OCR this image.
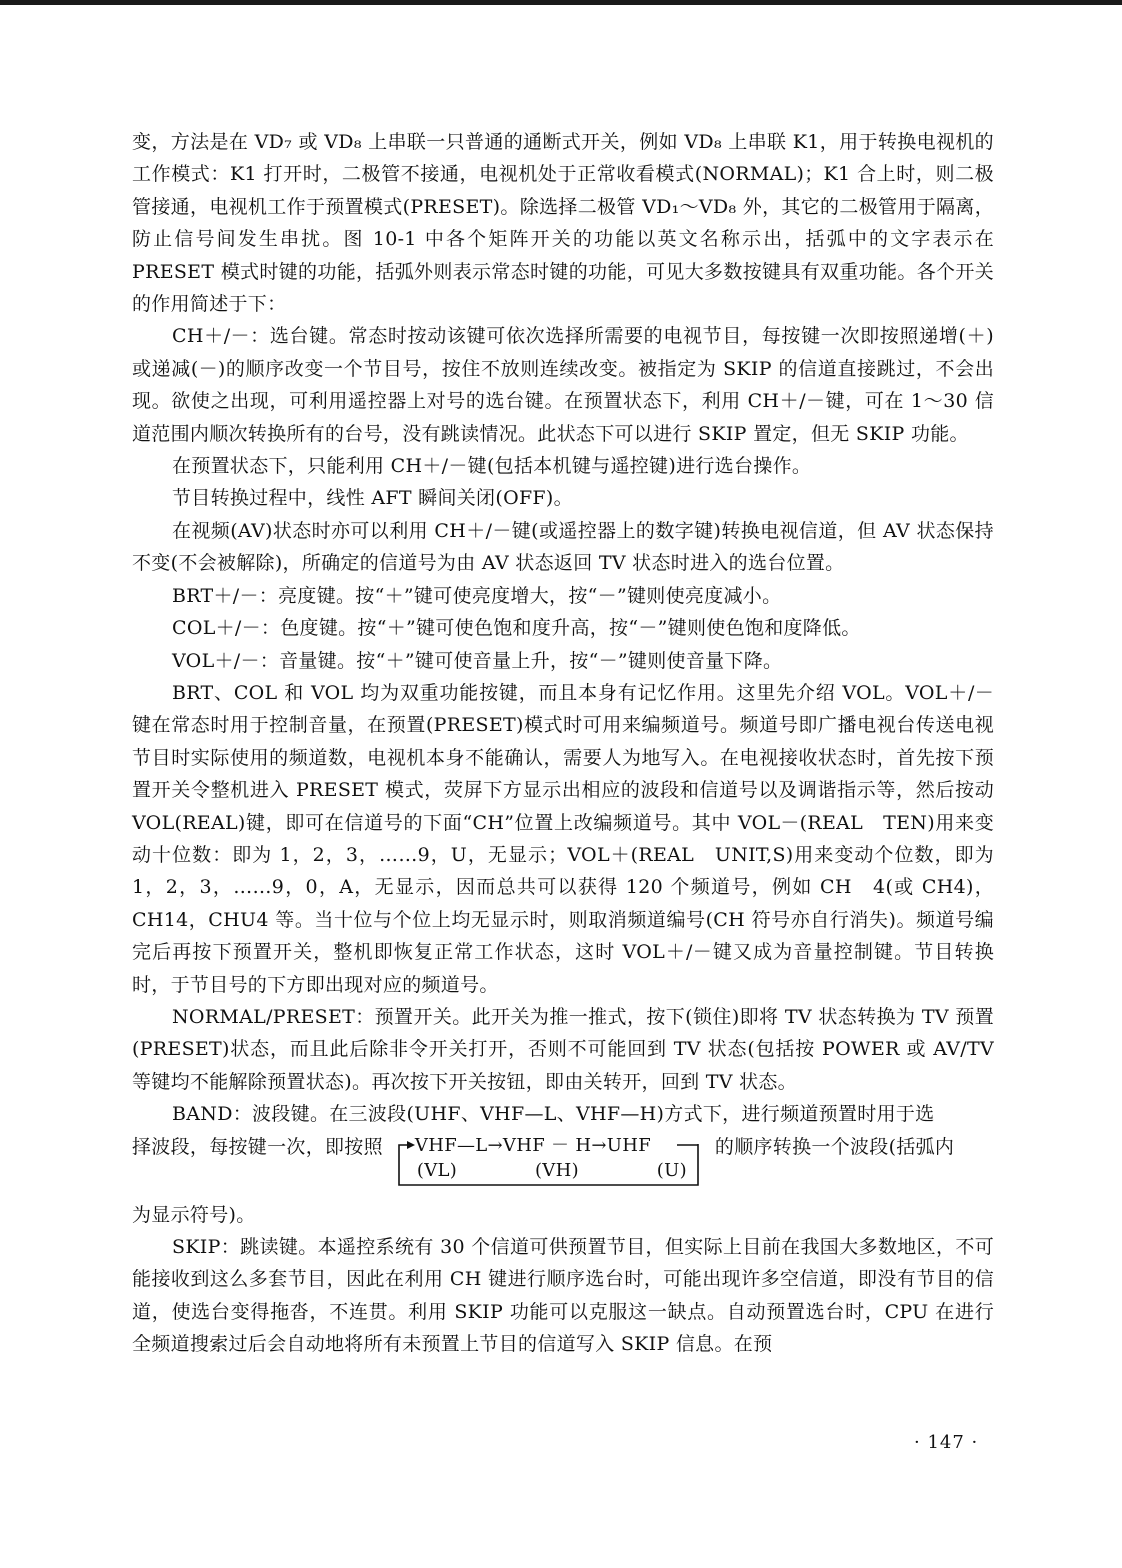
变，方法是在 VD₇ 或 VD₈ 上串联一只普通的通断式开关，例如 VD₈ 上串联 K1，用于转换电视机的工作模式：K1 打开时，二极管不接通，电视机处于正常收看模式(NORMAL)；K1 合上时，则二极管接通，电视机工作于预置模式(PRESET)。除选择二极管 VD₁～VD₈ 外，其它的二极管用于隔离，防止信号间发生串扰。图 10-1 中各个矩阵开关的功能以英文名称示出，括弧中的文字表示在 PRESET 模式时键的功能，括弧外则表示常态时键的功能，可见大多数按键具有双重功能。各个开关的作用简述于下：

CH＋/－：选台键。常态时按动该键可依次选择所需要的电视节目，每按键一次即按照递增(＋)或递减(－)的顺序改变一个节目号，按住不放则连续改变。被指定为 SKIP 的信道直接跳过，不会出现。欲使之出现，可利用遥控器上对号的选台键。在预置状态下，利用 CH＋/－键，可在 1～30 信道范围内顺次转换所有的台号，没有跳读情况。此状态下可以进行 SKIP 置定，但无 SKIP 功能。

在预置状态下，只能利用 CH＋/－键(包括本机键与遥控键)进行选台操作。

节目转换过程中，线性 AFT 瞬间关闭(OFF)。

在视频(AV)状态时亦可以利用 CH＋/－键(或遥控器上的数字键)转换电视信道，但 AV 状态保持不变(不会被解除)，所确定的信道号为由 AV 状态返回 TV 状态时进入的选台位置。

BRT＋/－：亮度键。按“＋”键可使亮度增大，按“－”键则使亮度减小。

COL＋/－：色度键。按“＋”键可使色饱和度升高，按“－”键则使色饱和度降低。

VOL＋/－：音量键。按“＋”键可使音量上升，按“－”键则使音量下降。

BRT、COL 和 VOL 均为双重功能按键，而且本身有记忆作用。这里先介绍 VOL。VOL＋/－键在常态时用于控制音量，在预置(PRESET)模式时可用来编频道号。频道号即广播电视台传送电视节目时实际使用的频道数，电视机本身不能确认，需要人为地写入。在电视接收状态时，首先按下预置开关令整机进入 PRESET 模式，荧屏下方显示出相应的波段和信道号以及调谐指示等，然后按动 VOL(REAL)键，即可在信道号的下面“CH”位置上改编频道号。其中 VOL－(REAL　TEN)用来变动十位数：即为 1，2，3，……9，U，无显示；VOL＋(REAL　UNIT,S)用来变动个位数，即为 1，2，3，……9，0，A，无显示，因而总共可以获得 120 个频道号，例如 CH　4(或 CH4)，CH14，CHU4 等。当十位与个位上均无显示时，则取消频道编号(CH 符号亦自行消失)。频道号编完后再按下预置开关，整机即恢复正常工作状态，这时 VOL＋/－键又成为音量控制键。节目转换时，于节目号的下方即出现对应的频道号。

NORMAL/PRESET：预置开关。此开关为推一推式，按下(锁住)即将 TV 状态转换为 TV 预置(PRESET)状态，而且此后除非令开关打开，否则不可能回到 TV 状态(包括按 POWER 或 AV/TV 等键均不能解除预置状态)。再次按下开关按钮，即由关转开，回到 TV 状态。

BAND：波段键。在三波段(UHF、VHF—L、VHF—H)方式下，进行频道预置时用于选
择波段，每按键一次，即按照 VHF—L→VHF － H→UHF
(VL)	(VH)	(U)
的顺序转换一个波段(括弧内
为显示符号)。

SKIP：跳读键。本遥控系统有 30 个信道可供预置节目，但实际上目前在我国大多数地区，不可能接收到这么多套节目，因此在利用 CH 键进行顺序选台时，可能出现许多空信道，即没有节目的信道，使选台变得拖沓，不连贯。利用 SKIP 功能可以克服这一缺点。自动预置选台时，CPU 在进行全频道搜索过后会自动地将所有未预置上节目的信道写入 SKIP 信息。在预

· 147 ·
